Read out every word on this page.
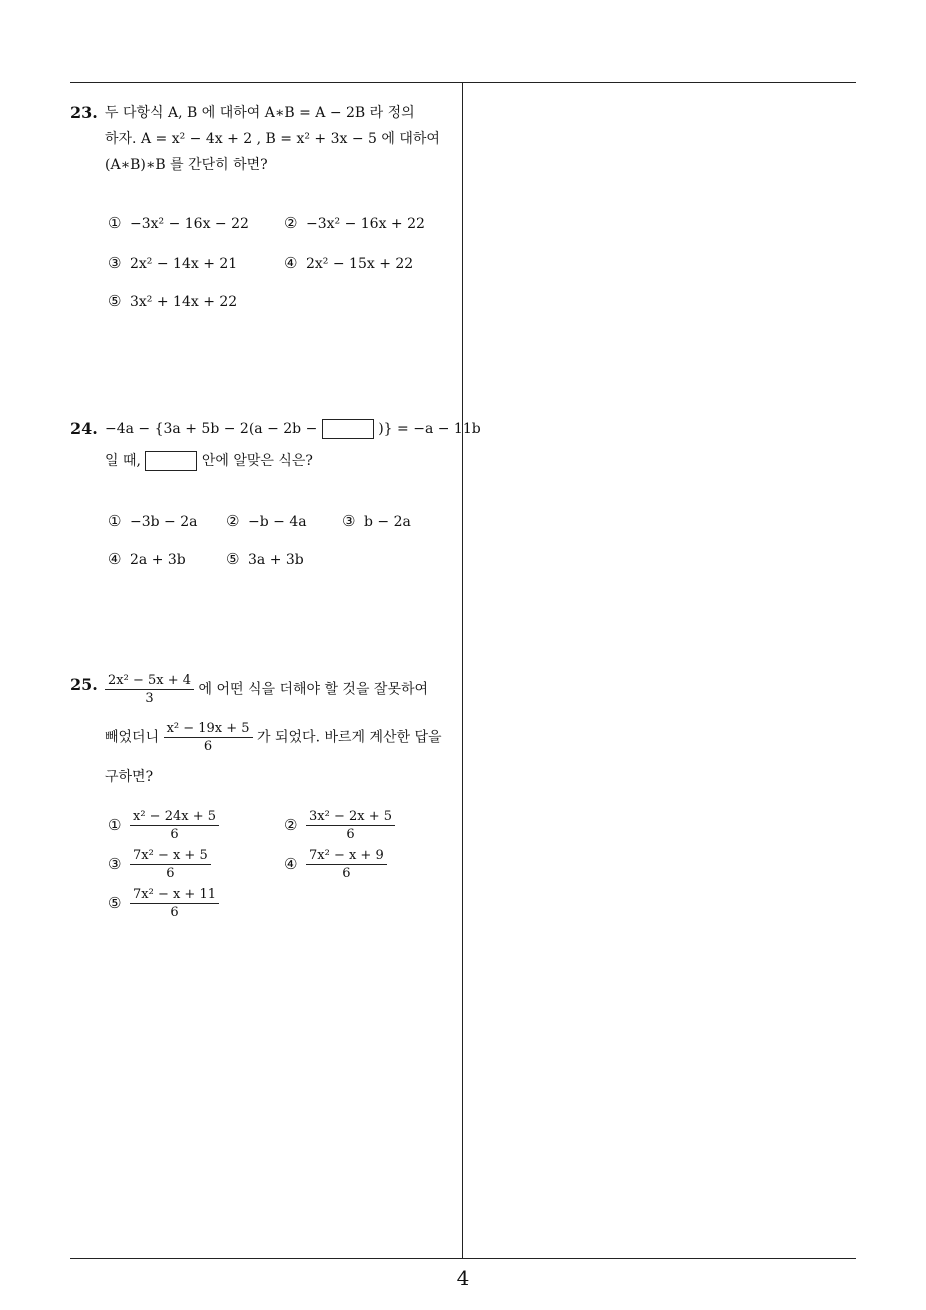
4
23. 두 다항식 A, B 에 대하여 A∗B = A − 2B 라 정의
하자. A = x² − 4x + 2 , B = x² + 3x − 5 에 대하여
(A∗B)∗B 를 간단히 하면?
① −3x² − 16x − 22 ② −3x² − 16x + 22
③ 2x² − 14x + 21	④ 2x² − 15x + 22
⑤ 3x² + 14x + 22
24. −4a − {3a + 5b − 2(a − 2b −	)} = −a − 11b
일 때,	안에 알맞은 식은?
① −3b − 2a ② −b − 4a ③ b − 2a
④ 2a + 3b	⑤ 3a + 3b
25. $\frac{\text{2x² − 5x + 4}}{3}$ 에 어떤 식을 더해야 할 것을 잘못하여
빼었더니 $\frac{\text{x² − 19x + 5}}{6}$ 가 되었다. 바르게 계산한 답을
구하면?
① $\frac{\text{x² − 24x + 5}}{6}$	② $\frac{\text{3x² − 2x + 5}}{6}$
③ $\frac{\text{7x² − x + 5}}{6}$	④ $\frac{\text{7x² − x + 9}}{6}$
⑤ $\frac{\text{7x² − x + 11}}{6}$
